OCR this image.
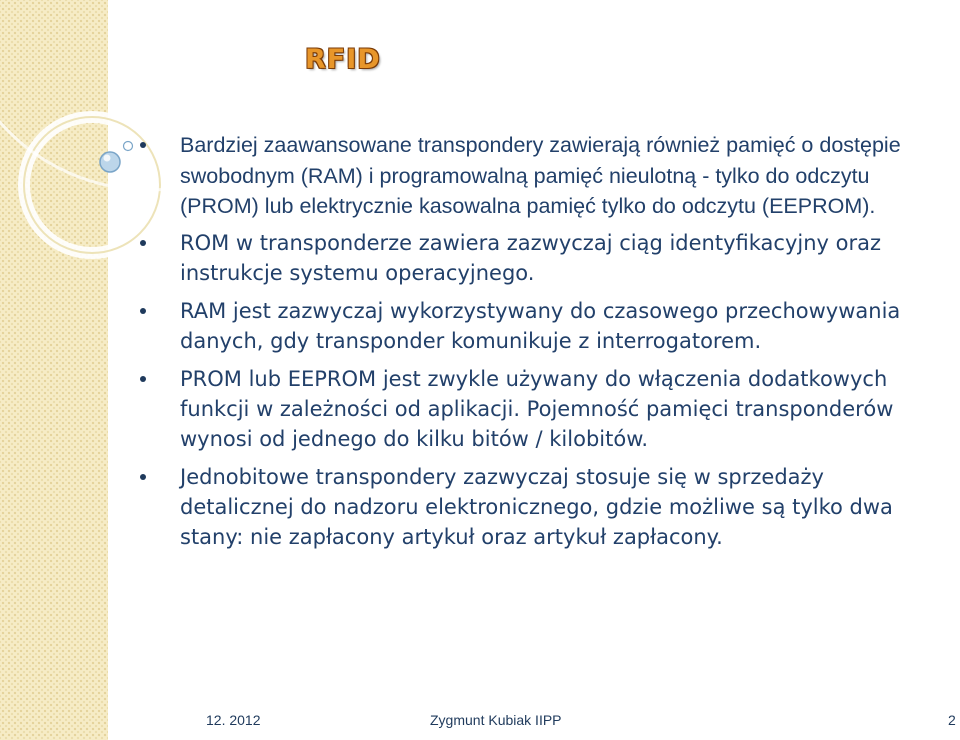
RFID
Bardziej zaawansowane transpondery zawierają również pamięć o dostępie swobodnym (RAM) i programowalną pamięć nieulotną - tylko do odczytu (PROM) lub elektrycznie kasowalna pamięć tylko do odczytu (EEPROM).
ROM w transponderze zawiera zazwyczaj ciąg identyfikacyjny oraz instrukcje systemu operacyjnego.
RAM jest zazwyczaj wykorzystywany do czasowego przechowywania danych, gdy transponder komunikuje z interrogatorem.
PROM lub EEPROM jest zwykle używany do włączenia dodatkowych funkcji w zależności od aplikacji. Pojemność pamięci transponderów wynosi od jednego do kilku bitów / kilobitów.
Jednobitowe transpondery zazwyczaj stosuje się w sprzedaży detalicznej do nadzoru elektronicznego, gdzie możliwe są tylko dwa stany: nie zapłacony artykuł oraz artykuł zapłacony.
12. 2012	Zygmunt Kubiak IIPP	2
